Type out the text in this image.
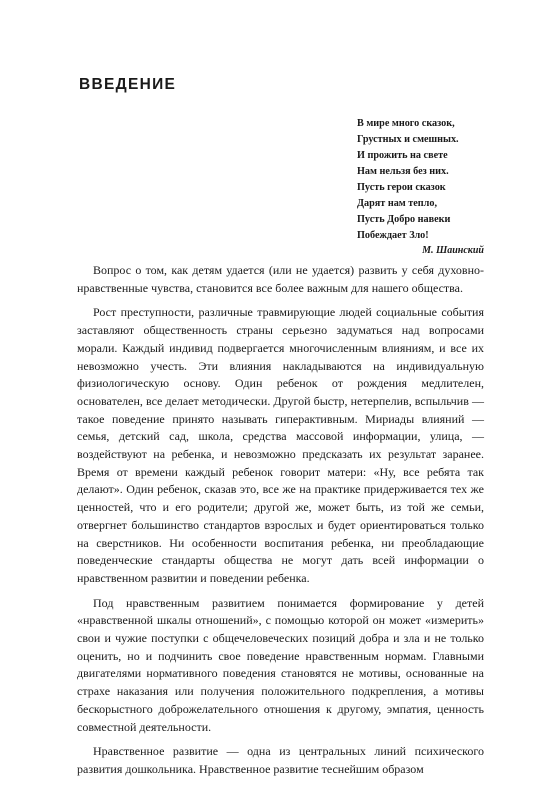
ВВЕДЕНИЕ
В мире много сказок,
Грустных и смешных.
И прожить на свете
Нам нельзя без них.
Пусть герои сказок
Дарят нам тепло,
Пусть Добро навеки
Побеждает Зло!
М. Шаинский

Вопрос о том, как детям удается (или не удается) развить у себя духовно-нравственные чувства, становится все более важным для нашего общества.

Рост преступности, различные травмирующие людей социальные события заставляют общественность страны серьезно задуматься над вопросами морали. Каждый индивид подвергается многочисленным влияниям, и все их невозможно учесть. Эти влияния накладываются на индивидуальную физиологическую основу. Один ребенок от рождения медлителен, основателен, все делает методически. Другой быстр, нетерпелив, вспыльчив — такое поведение принято называть гиперактивным. Мириады влияний — семья, детский сад, школа, средства массовой информации, улица, — воздействуют на ребенка, и невозможно предсказать их результат заранее. Время от времени каждый ребенок говорит матери: «Ну, все ребята так делают». Один ребенок, сказав это, все же на практике придерживается тех же ценностей, что и его родители; другой же, может быть, из той же семьи, отвергнет большинство стандартов взрослых и будет ориентироваться только на сверстников. Ни особенности воспитания ребенка, ни преобладающие поведенческие стандарты общества не могут дать всей информации о нравственном развитии и поведении ребенка.

Под нравственным развитием понимается формирование у детей «нравственной шкалы отношений», с помощью которой он может «измерить» свои и чужие поступки с общечеловеческих позиций добра и зла и не только оценить, но и подчинить свое поведение нравственным нормам. Главными двигателями нормативного поведения становятся не мотивы, основанные на страхе наказания или получения положительного подкрепления, а мотивы бескорыстного доброжелательного отношения к другому, эмпатия, ценность совместной деятельности.

Нравственное развитие — одна из центральных линий психического развития дошкольника. Нравственное развитие теснейшим образом
